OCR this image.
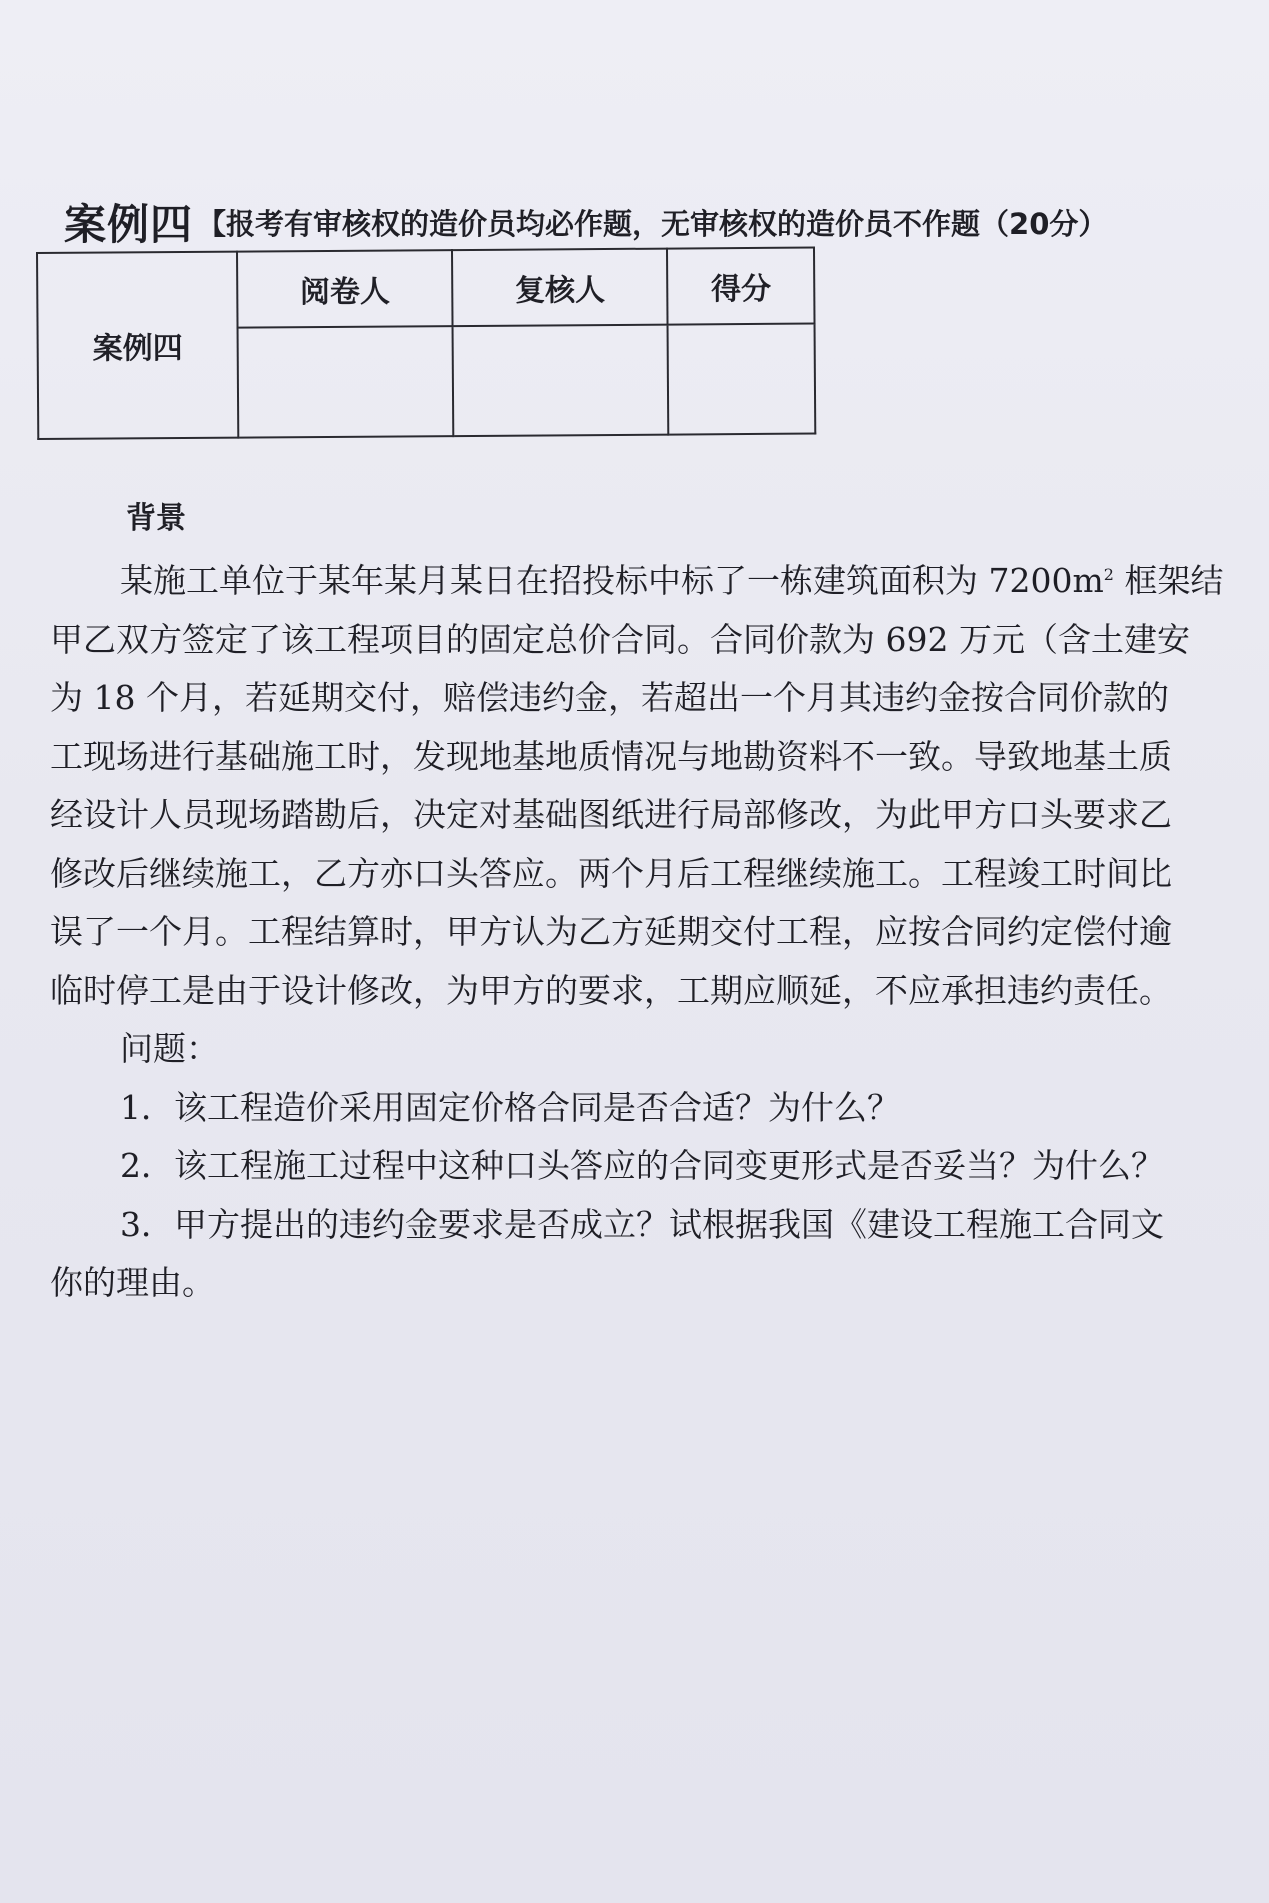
案例四 【报考有审核权的造价员均必作题，无审核权的造价员不作题（20分）
案例四	阅卷人	复核人	得分

背景
某施工单位于某年某月某日在招投标中标了一栋建筑面积为 $7200m^2$ 框架结
甲乙双方签定了该工程项目的固定总价合同。合同价款为 692 万元（含土建安
为 18 个月，若延期交付，赔偿违约金，若超出一个月其违约金按合同价款的
工现场进行基础施工时，发现地基地质情况与地勘资料不一致。导致地基土质
经设计人员现场踏勘后，决定对基础图纸进行局部修改，为此甲方口头要求乙
修改后继续施工，乙方亦口头答应。两个月后工程继续施工。工程竣工时间比
误了一个月。工程结算时，甲方认为乙方延期交付工程，应按合同约定偿付逾
临时停工是由于设计修改，为甲方的要求，工期应顺延，不应承担违约责任。
问题：
1．该工程造价采用固定价格合同是否合适？为什么？
2．该工程施工过程中这种口头答应的合同变更形式是否妥当？为什么？
3．甲方提出的违约金要求是否成立？试根据我国《建设工程施工合同文
你的理由。
